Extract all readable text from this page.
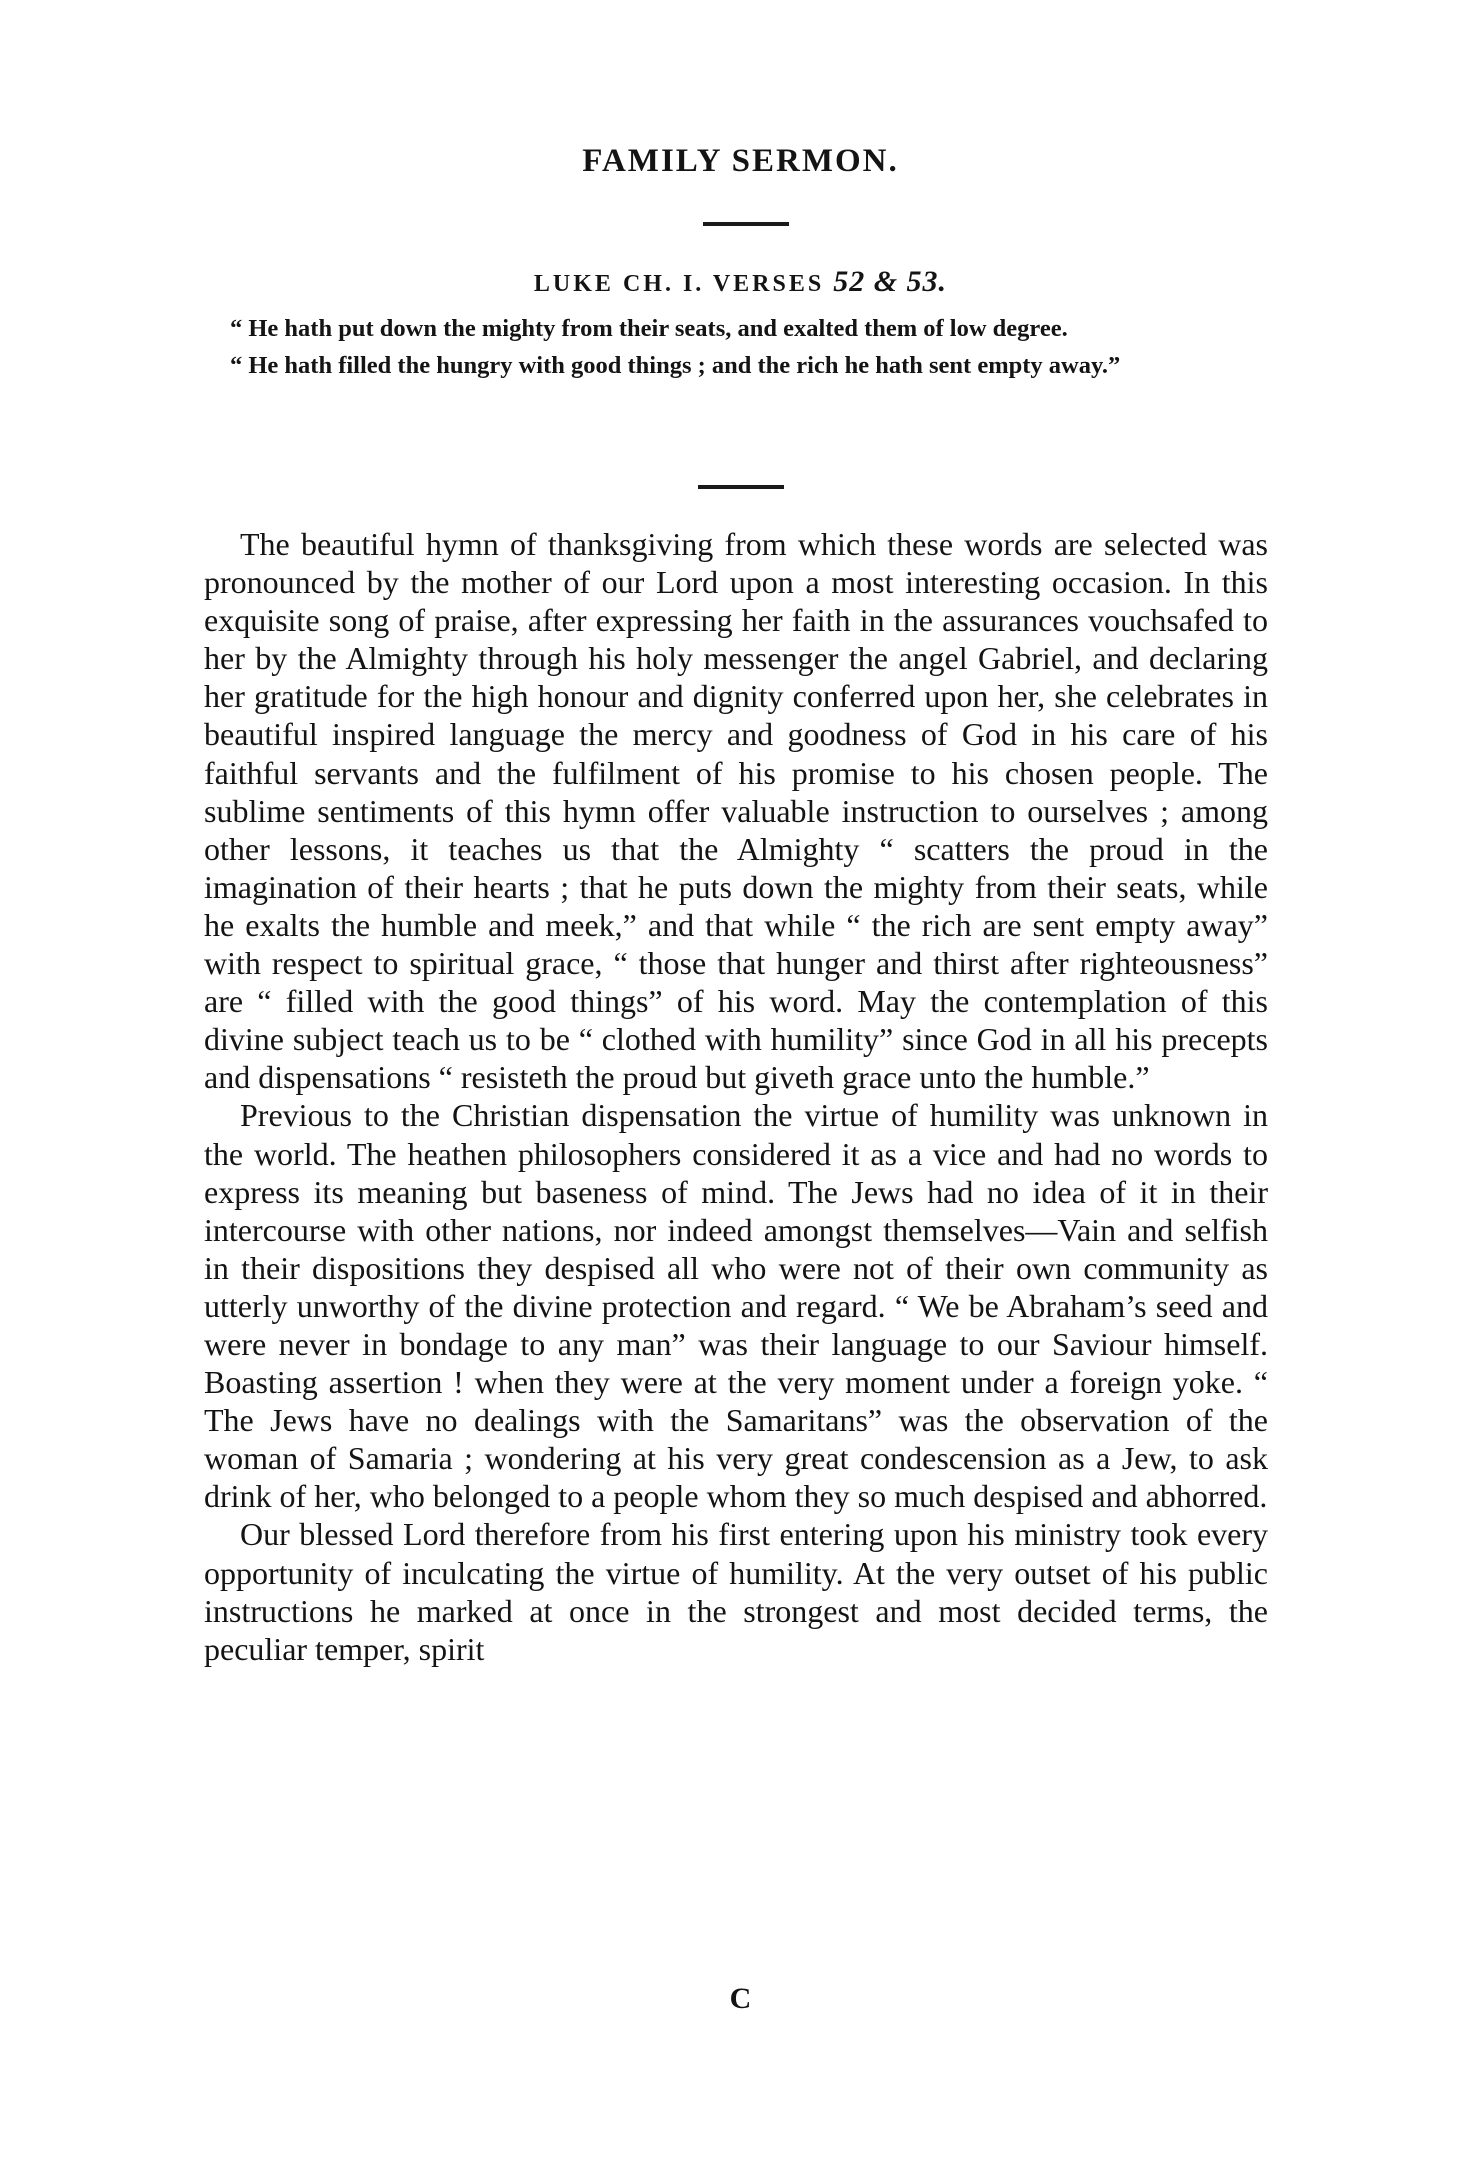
FAMILY SERMON.
LUKE CH. I. VERSES 52 & 53.

“ He hath put down the mighty from their seats, and exalted them of low degree.

“ He hath filled the hungry with good things ; and the rich he hath sent empty away.”

The beautiful hymn of thanksgiving from which these words are selected was pronounced by the mother of our Lord upon a most interesting occasion. In this exquisite song of praise, after expressing her faith in the assurances vouchsafed to her by the Almighty through his holy messenger the angel Gabriel, and declaring her gratitude for the high honour and dignity conferred upon her, she celebrates in beautiful inspired language the mercy and goodness of God in his care of his faithful servants and the fulfilment of his promise to his chosen people. The sublime sentiments of this hymn offer valuable instruction to ourselves ; among other lessons, it teaches us that the Almighty “ scatters the proud in the imagination of their hearts ; that he puts down the mighty from their seats, while he exalts the humble and meek,” and that while “ the rich are sent empty away” with respect to spiritual grace, “ those that hunger and thirst after righteousness” are “ filled with the good things” of his word. May the contemplation of this divine subject teach us to be “ clothed with humility” since God in all his precepts and dispensations “ resisteth the proud but giveth grace unto the humble.”

Previous to the Christian dispensation the virtue of humility was unknown in the world. The heathen philosophers considered it as a vice and had no words to express its meaning but baseness of mind. The Jews had no idea of it in their intercourse with other nations, nor indeed amongst themselves—Vain and selfish in their dispositions they despised all who were not of their own community as utterly unworthy of the divine protection and regard. “ We be Abraham’s seed and were never in bondage to any man” was their language to our Saviour himself. Boasting assertion ! when they were at the very moment under a foreign yoke. “ The Jews have no dealings with the Samaritans” was the observation of the woman of Samaria ; wondering at his very great condescension as a Jew, to ask drink of her, who belonged to a people whom they so much despised and abhorred.

Our blessed Lord therefore from his first entering upon his ministry took every opportunity of inculcating the virtue of humility. At the very outset of his public instructions he marked at once in the strongest and most decided terms, the peculiar temper, spirit

C
